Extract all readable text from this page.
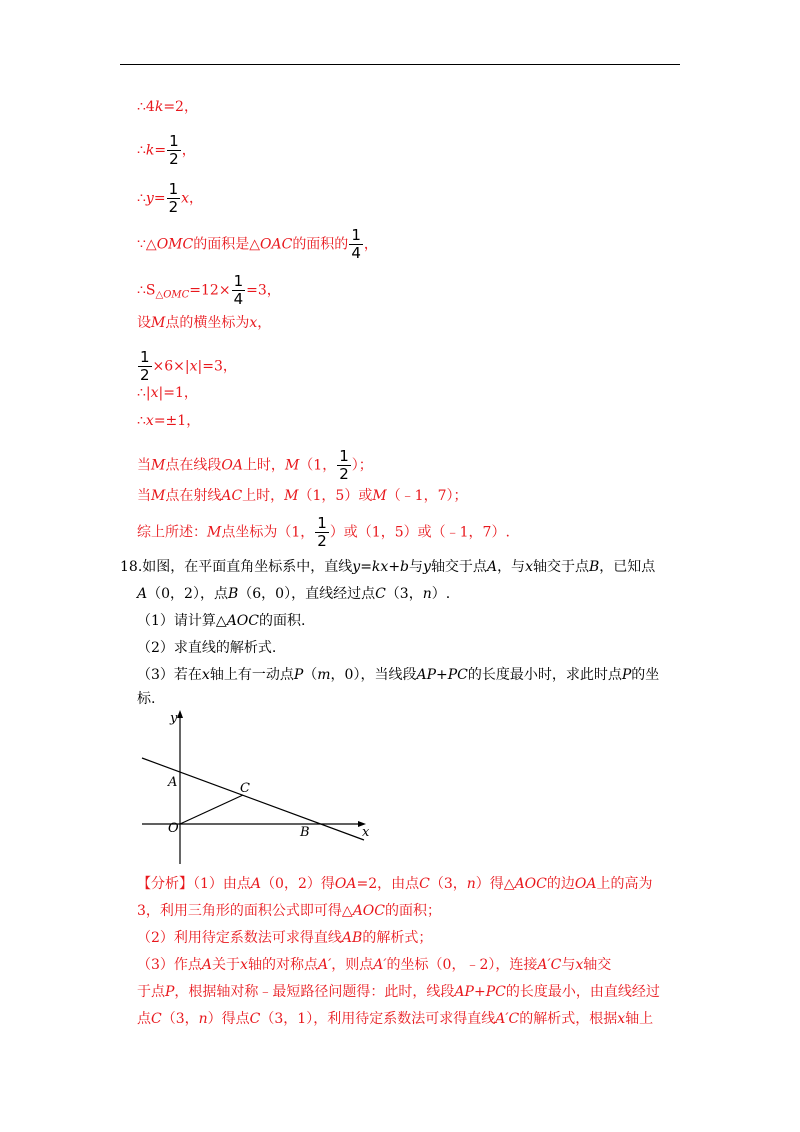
∴4k=2，
∴k= $\frac{1}{2}$ ，
∴y= $\frac{1}{2}$ x，
∵△OMC的面积是△OAC的面积的 $\frac{1}{4}$ ，
$\therefore S_{\triangle OMC}=12\times \frac{1}{4} =3$，
设M点的横坐标为x，
$\frac{1}{2} \times 6\times|x|=3$，
∴|x|=1，
∴x=±1，
当M点在线段OA上时，M（1， $\frac{1}{2}$ ）；
当M点在射线AC上时，M（1，5）或M（﹣1，7）；
综上所述：M点坐标为（1， $\frac{1}{2}$ ）或（1，5）或（﹣1，7）.
18.如图，在平面直角坐标系中，直线y=kx+b与y轴交于点A，与x轴交于点B，已知点
A（0，2），点B（6，0），直线经过点C（3，n）.
（1）请计算△AOC的面积.
（2）求直线的解析式.
（3）若在x轴上有一动点P（m，0），当线段AP+PC的长度最小时，求此时点P的坐
标.
y
x
A	C
O	B
【分析】（1）由点A（0，2）得OA=2，由点C（3，n）得△AOC的边OA上的高为
3，利用三角形的面积公式即可得△AOC的面积；
（2）利用待定系数法可求得直线AB的解析式；
（3）作点A关于x轴的对称点A′，则点A′的坐标（0，﹣2），连接A′C与x轴交
于点P，根据轴对称﹣最短路径问题得：此时，线段AP+PC的长度最小，由直线经过
点C（3，n）得点C（3，1），利用待定系数法可求得直线A′C的解析式，根据x轴上
